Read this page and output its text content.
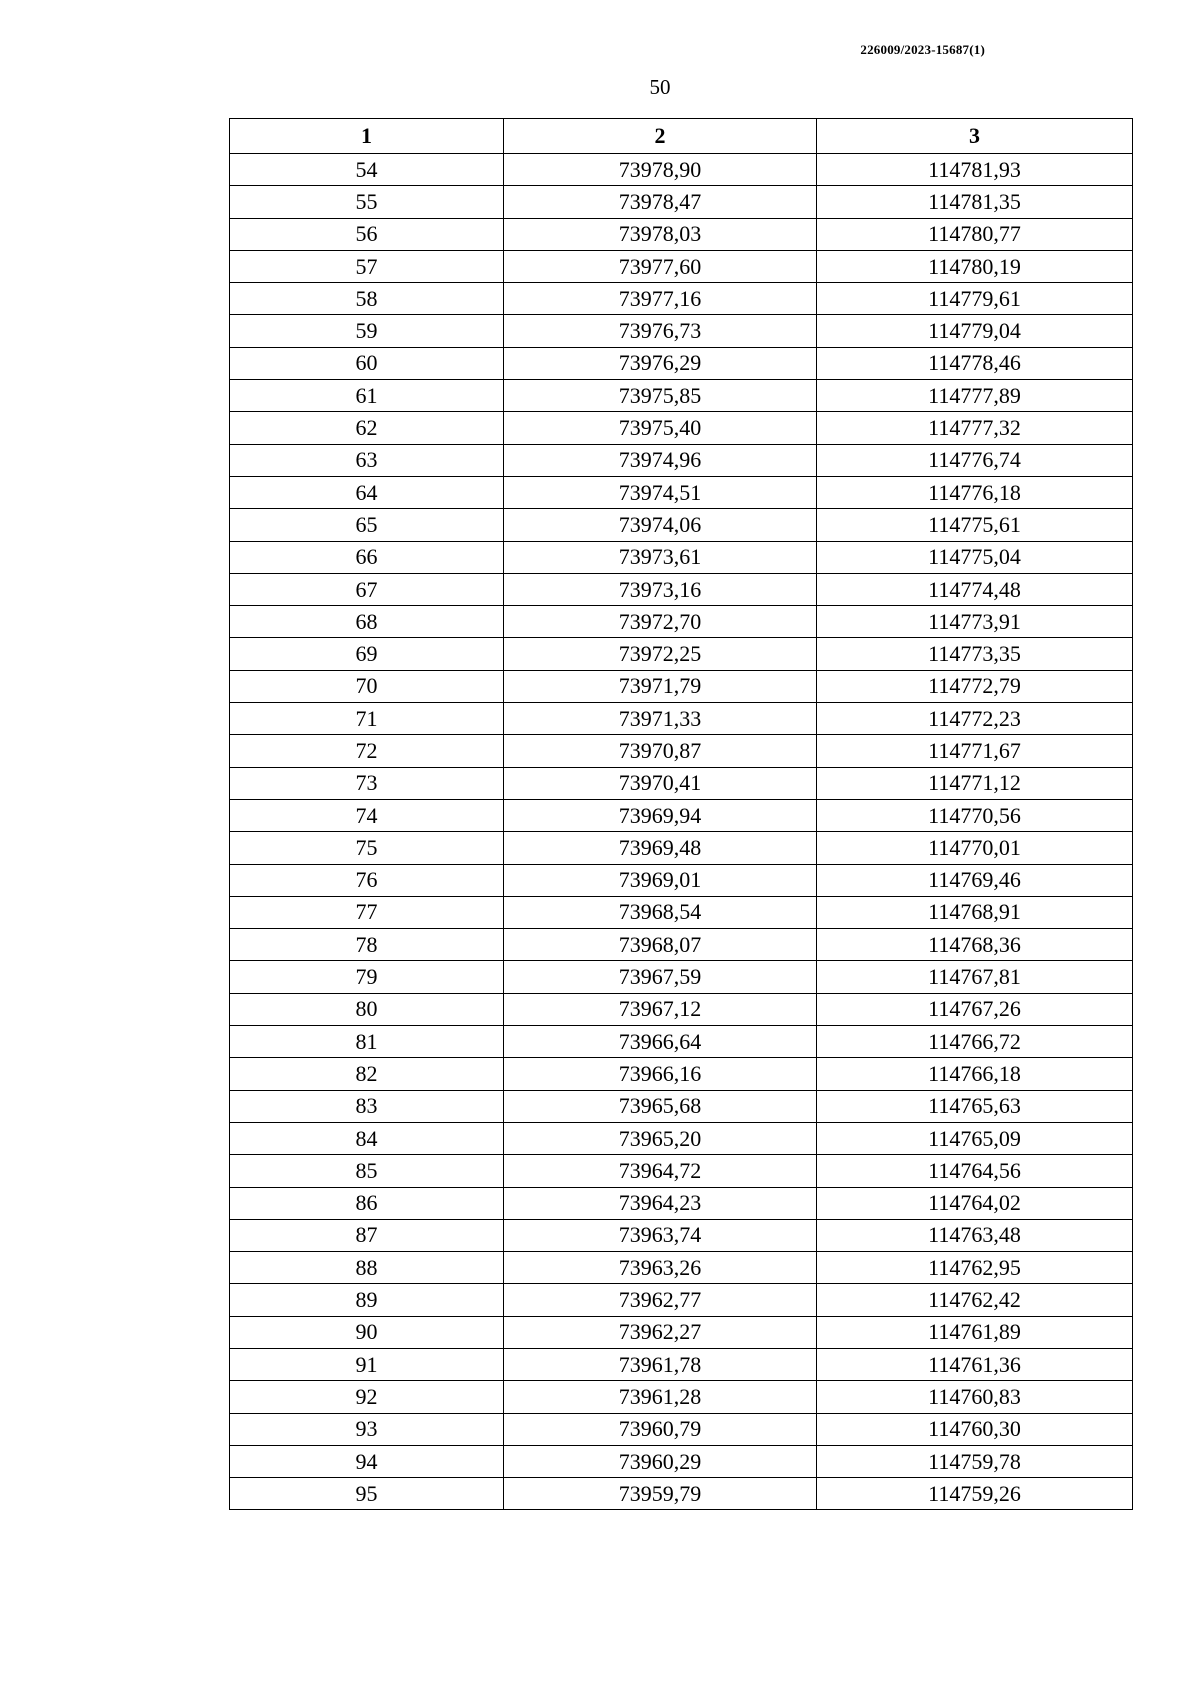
226009/2023-15687(1)
50
1	2	3
54	73978,90	114781,93
55	73978,47	114781,35
56	73978,03	114780,77
57	73977,60	114780,19
58	73977,16	114779,61
59	73976,73	114779,04
60	73976,29	114778,46
61	73975,85	114777,89
62	73975,40	114777,32
63	73974,96	114776,74
64	73974,51	114776,18
65	73974,06	114775,61
66	73973,61	114775,04
67	73973,16	114774,48
68	73972,70	114773,91
69	73972,25	114773,35
70	73971,79	114772,79
71	73971,33	114772,23
72	73970,87	114771,67
73	73970,41	114771,12
74	73969,94	114770,56
75	73969,48	114770,01
76	73969,01	114769,46
77	73968,54	114768,91
78	73968,07	114768,36
79	73967,59	114767,81
80	73967,12	114767,26
81	73966,64	114766,72
82	73966,16	114766,18
83	73965,68	114765,63
84	73965,20	114765,09
85	73964,72	114764,56
86	73964,23	114764,02
87	73963,74	114763,48
88	73963,26	114762,95
89	73962,77	114762,42
90	73962,27	114761,89
91	73961,78	114761,36
92	73961,28	114760,83
93	73960,79	114760,30
94	73960,29	114759,78
95	73959,79	114759,26
